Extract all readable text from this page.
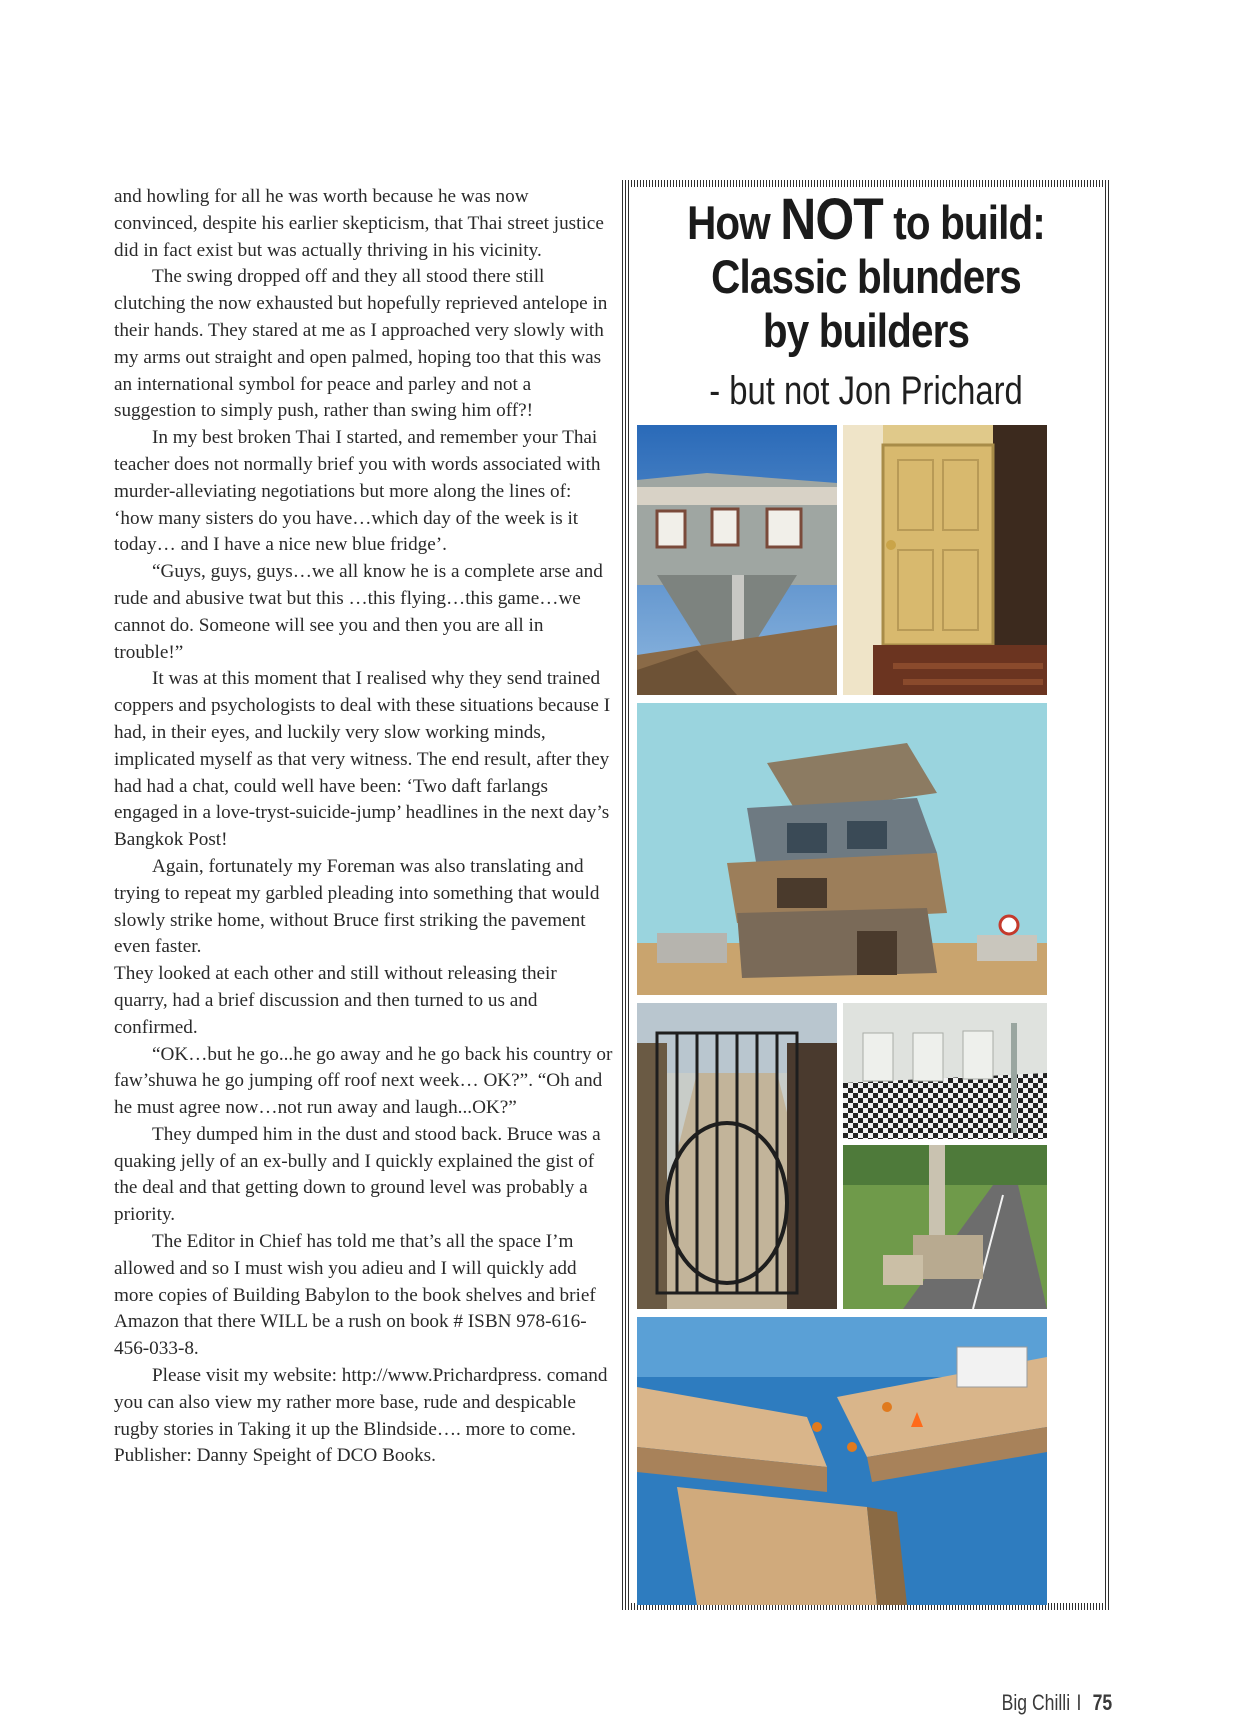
and howling for all he was worth because he was now convinced, despite his earlier skepticism, that Thai street justice did in fact exist but was actually thriving in his vicinity.

The swing dropped off and they all stood there still clutching the now exhausted but hopefully reprieved antelope in their hands. They stared at me as I approached very slowly with my arms out straight and open palmed, hoping too that this was an international symbol for peace and parley and not a suggestion to simply push, rather than swing him off?!

In my best broken Thai I started, and remember your Thai teacher does not normally brief you with words associated with murder-alleviating negotiations but more along the lines of: ‘how many sisters do you have…which day of the week is it today… and I have a nice new blue fridge’.

“Guys, guys, guys…we all know he is a complete arse and rude and abusive twat but this …this flying…this game…we cannot do. Someone will see you and then you are all in trouble!”

It was at this moment that I realised why they send trained coppers and psychologists to deal with these situations because I had, in their eyes, and luckily very slow working minds, implicated myself as that very witness. The end result, after they had had a chat, could well have been: ‘Two daft farlangs engaged in a love-tryst-suicide-jump’ headlines in the next day’s Bangkok Post!

Again, fortunately my Foreman was also translating and trying to repeat my garbled pleading into something that would slowly strike home, without Bruce first striking the pavement even faster.

They looked at each other and still without releasing their quarry, had a brief discussion and then turned to us and confirmed.

“OK…but he go...he go away and he go back his country or faw’shuwa he go jumping off roof next week… OK?”. “Oh and he must agree now…not run away and laugh...OK?”

They dumped him in the dust and stood back. Bruce was a quaking jelly of an ex-bully and I quickly explained the gist of the deal and that getting down to ground level was probably a priority.

The Editor in Chief has told me that’s all the space I’m allowed and so I must wish you adieu and I will quickly add more copies of Building Babylon to the book shelves and brief Amazon that there WILL be a rush on book # ISBN 978-616-456-033-8.

Please visit my website: http://www.Prichardpress. comand you can also view my rather more base, rude and despicable rugby stories in Taking it up the Blindside…. more to come.

Publisher: Danny Speight of DCO Books.

How NOT to build:
Classic blunders
by builders
- but not Jon Prichard
Big Chilli I 75
